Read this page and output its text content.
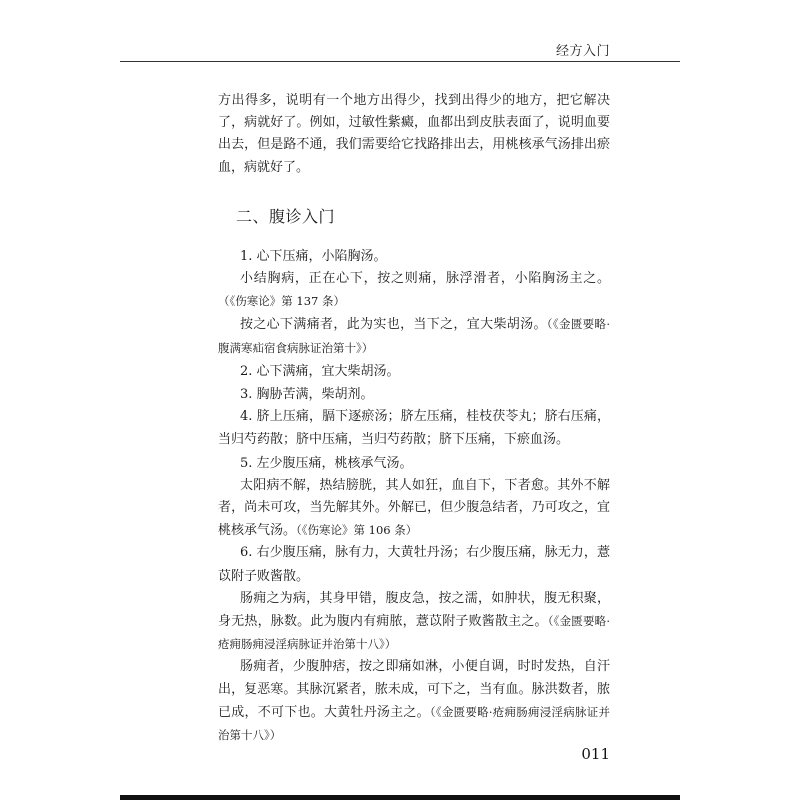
经方入门

方出得多，说明有一个地方出得少，找到出得少的地方，把它解决了，病就好了。例如，过敏性紫癜，血都出到皮肤表面了，说明血要出去，但是路不通，我们需要给它找路排出去，用桃核承气汤排出瘀血，病就好了。

二、腹诊入门

1. 心下压痛，小陷胸汤。

小结胸病，正在心下，按之则痛，脉浮滑者，小陷胸汤主之。（《伤寒论》第 137 条）

按之心下满痛者，此为实也，当下之，宜大柴胡汤。（《金匮要略·腹满寒疝宿食病脉证治第十》）

2. 心下满痛，宜大柴胡汤。

3. 胸胁苦满，柴胡剂。

4. 脐上压痛，膈下逐瘀汤；脐左压痛，桂枝茯苓丸；脐右压痛，当归芍药散；脐中压痛，当归芍药散；脐下压痛，下瘀血汤。

5. 左少腹压痛，桃核承气汤。

太阳病不解，热结膀胱，其人如狂，血自下，下者愈。其外不解者，尚未可攻，当先解其外。外解已，但少腹急结者，乃可攻之，宜桃核承气汤。（《伤寒论》第 106 条）

6. 右少腹压痛，脉有力，大黄牡丹汤；右少腹压痛，脉无力，薏苡附子败酱散。

肠痈之为病，其身甲错，腹皮急，按之濡，如肿状，腹无积聚，身无热，脉数。此为腹内有痈脓，薏苡附子败酱散主之。（《金匮要略·疮痈肠痈浸淫病脉证并治第十八》）

肠痈者，少腹肿痞，按之即痛如淋，小便自调，时时发热，自汗出，复恶寒。其脉沉紧者，脓未成，可下之，当有血。脉洪数者，脓已成，不可下也。大黄牡丹汤主之。（《金匮要略·疮痈肠痈浸淫病脉证并治第十八》）

011
